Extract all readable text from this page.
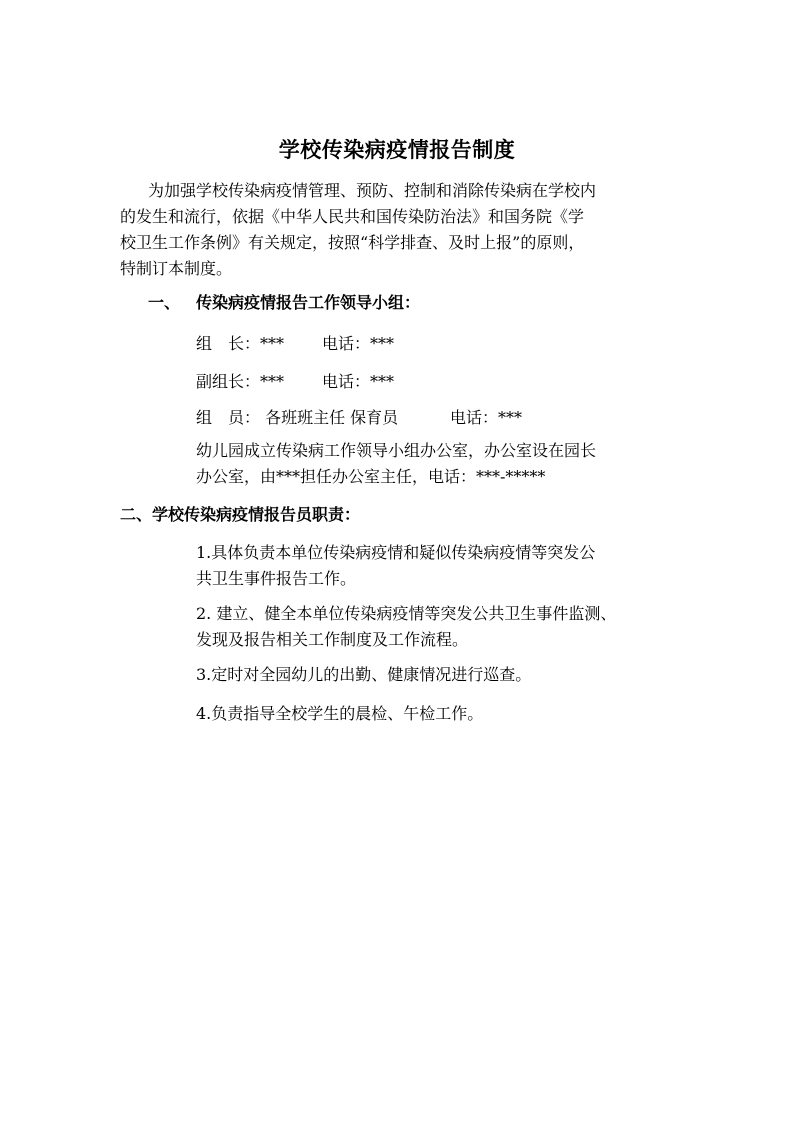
学校传染病疫情报告制度
为加强学校传染病疫情管理、预防、控制和消除传染病在学校内
的发生和流行，依据《中华人民共和国传染防治法》和国务院《学
校卫生工作条例》有关规定，按照“科学排查、及时上报”的原则，
特制订本制度。
一、 传染病疫情报告工作领导小组：
组　长：*** 电话：***
副组长：*** 电话：***
组　员： 各班班主任 保育员	电话：***
幼儿园成立传染病工作领导小组办公室，办公室设在园长
办公室，由***担任办公室主任，电话：***-*****
二、学校传染病疫情报告员职责：
1.具体负责本单位传染病疫情和疑似传染病疫情等突发公
共卫生事件报告工作。
2. 建立、健全本单位传染病疫情等突发公共卫生事件监测、
发现及报告相关工作制度及工作流程。
3.定时对全园幼儿的出勤、健康情况进行巡查。
4.负责指导全校学生的晨检、午检工作。
